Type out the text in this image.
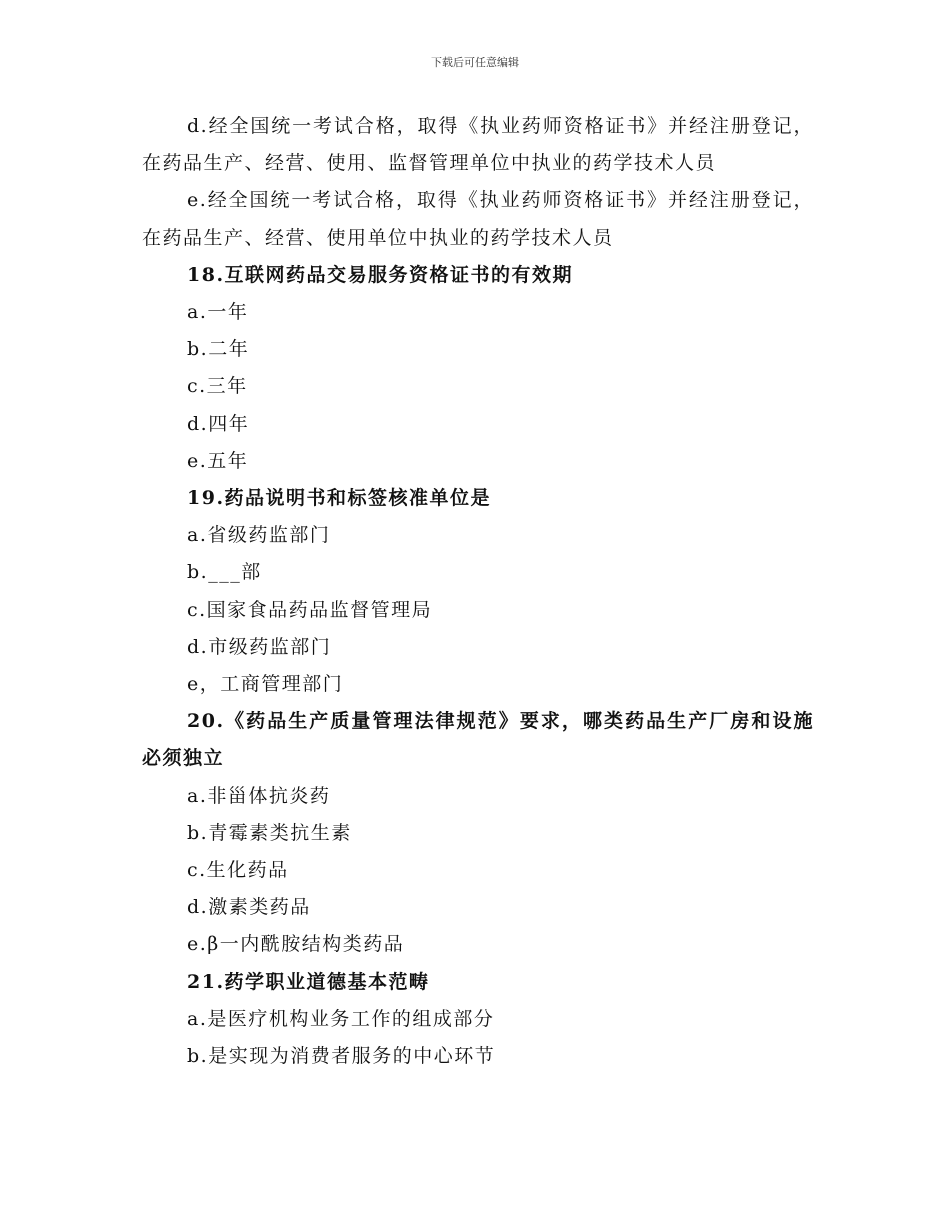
下载后可任意编辑

d.经全国统一考试合格，取得《执业药师资格证书》并经注册登记，在药品生产、经营、使用、监督管理单位中执业的药学技术人员

e.经全国统一考试合格，取得《执业药师资格证书》并经注册登记，在药品生产、经营、使用单位中执业的药学技术人员

18.互联网药品交易服务资格证书的有效期

a.一年

b.二年

c.三年

d.四年

e.五年

19.药品说明书和标签核准单位是

a.省级药监部门

b.___部

c.国家食品药品监督管理局

d.市级药监部门

e，工商管理部门

20.《药品生产质量管理法律规范》要求，哪类药品生产厂房和设施必须独立

a.非甾体抗炎药

b.青霉素类抗生素

c.生化药品

d.激素类药品

e.β一内酰胺结构类药品

21.药学职业道德基本范畴

a.是医疗机构业务工作的组成部分

b.是实现为消费者服务的中心环节
